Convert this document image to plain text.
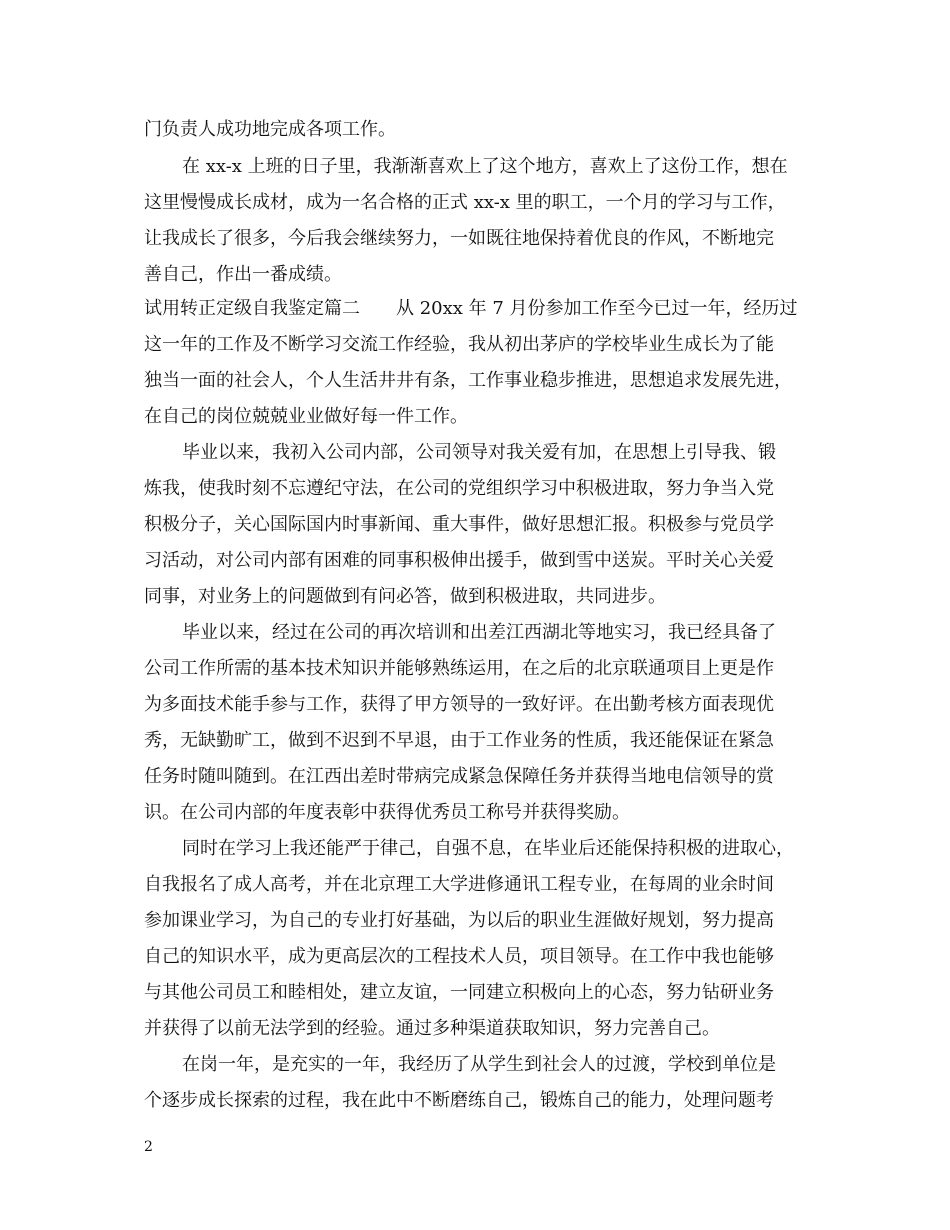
门负责人成功地完成各项工作。
在 xx-x 上班的日子里，我渐渐喜欢上了这个地方，喜欢上了这份工作，想在
这里慢慢成长成材，成为一名合格的正式 xx-x 里的职工，一个月的学习与工作，
让我成长了很多，今后我会继续努力，一如既往地保持着优良的作风，不断地完
善自己，作出一番成绩。
试用转正定级自我鉴定篇二　　从 20xx 年 7 月份参加工作至今已过一年，经历过
这一年的工作及不断学习交流工作经验，我从初出茅庐的学校毕业生成长为了能
独当一面的社会人，个人生活井井有条，工作事业稳步推进，思想追求发展先进，
在自己的岗位兢兢业业做好每一件工作。
毕业以来，我初入公司内部，公司领导对我关爱有加，在思想上引导我、锻
炼我，使我时刻不忘遵纪守法，在公司的党组织学习中积极进取，努力争当入党
积极分子，关心国际国内时事新闻、重大事件，做好思想汇报。积极参与党员学
习活动，对公司内部有困难的同事积极伸出援手，做到雪中送炭。平时关心关爱
同事，对业务上的问题做到有问必答，做到积极进取，共同进步。
毕业以来，经过在公司的再次培训和出差江西湖北等地实习，我已经具备了
公司工作所需的基本技术知识并能够熟练运用，在之后的北京联通项目上更是作
为多面技术能手参与工作，获得了甲方领导的一致好评。在出勤考核方面表现优
秀，无缺勤旷工，做到不迟到不早退，由于工作业务的性质，我还能保证在紧急
任务时随叫随到。在江西出差时带病完成紧急保障任务并获得当地电信领导的赏
识。在公司内部的年度表彰中获得优秀员工称号并获得奖励。
同时在学习上我还能严于律己，自强不息，在毕业后还能保持积极的进取心，
自我报名了成人高考，并在北京理工大学进修通讯工程专业，在每周的业余时间
参加课业学习，为自己的专业打好基础，为以后的职业生涯做好规划，努力提高
自己的知识水平，成为更高层次的工程技术人员，项目领导。在工作中我也能够
与其他公司员工和睦相处，建立友谊，一同建立积极向上的心态，努力钻研业务
并获得了以前无法学到的经验。通过多种渠道获取知识，努力完善自己。
在岗一年，是充实的一年，我经历了从学生到社会人的过渡，学校到单位是
个逐步成长探索的过程，我在此中不断磨练自己，锻炼自己的能力，处理问题考
2
